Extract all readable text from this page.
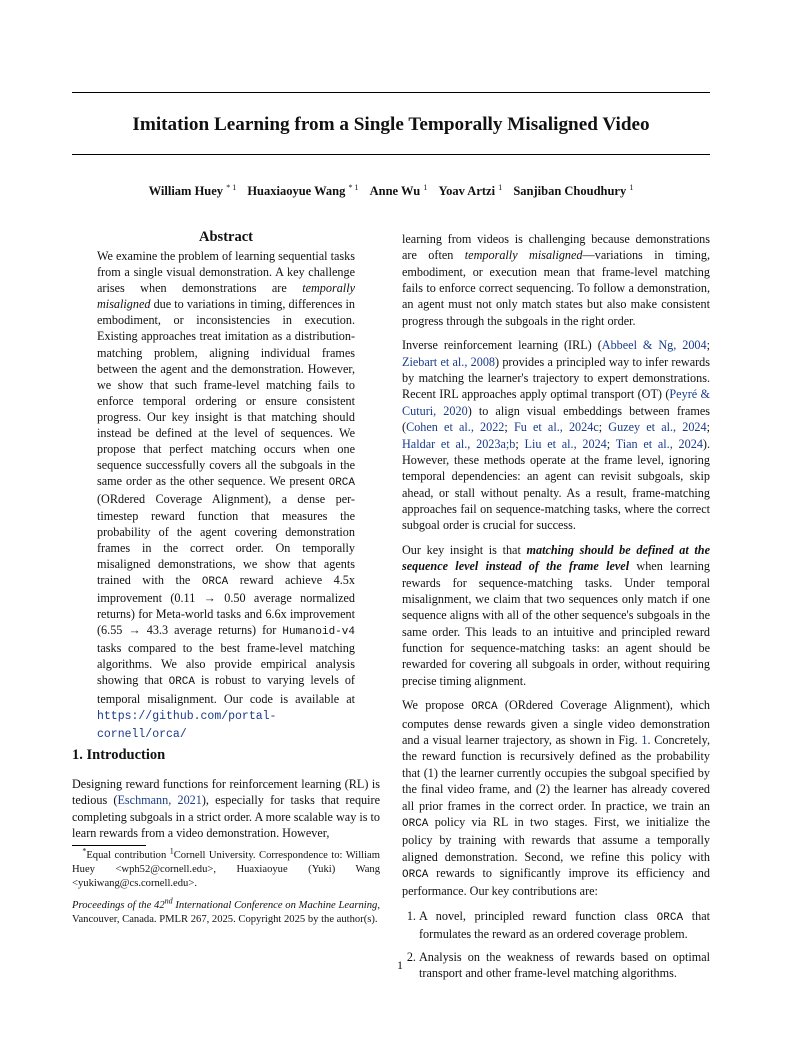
Imitation Learning from a Single Temporally Misaligned Video
William Huey $^{* 1}$ Huaxiaoyue Wang $^{* 1}$ Anne Wu $^1$ Yoav Artzi $^1$ Sanjiban Choudhury $^1$
Abstract
We examine the problem of learning sequential tasks from a single visual demonstration. A key challenge arises when demonstrations are temporally misaligned due to variations in timing, differences in embodiment, or inconsistencies in execution. Existing approaches treat imitation as a distribution-matching problem, aligning individual frames between the agent and the demonstration. However, we show that such frame-level matching fails to enforce temporal ordering or ensure consistent progress. Our key insight is that matching should instead be defined at the level of sequences. We propose that perfect matching occurs when one sequence successfully covers all the subgoals in the same order as the other sequence. We present ORCA (ORdered Coverage Alignment), a dense per-timestep reward function that measures the probability of the agent covering demonstration frames in the correct order. On temporally misaligned demonstrations, we show that agents trained with the ORCA reward achieve 4.5x improvement (0.11 → 0.50 average normalized returns) for Meta-world tasks and 6.6x improvement (6.55 → 43.3 average returns) for Humanoid-v4 tasks compared to the best frame-level matching algorithms. We also provide empirical analysis showing that ORCA is robust to varying levels of temporal misalignment. Our code is available at https://github.com/portal-cornell/orca/
1. Introduction
Designing reward functions for reinforcement learning (RL) is tedious (Eschmann, 2021), especially for tasks that require completing subgoals in a strict order. A more scalable way is to learn rewards from a video demonstration. However,
*Equal contribution $^1$Cornell University. Correspondence to: William Huey <wph52@cornell.edu>, Huaxiaoyue (Yuki) Wang <yukiwang@cs.cornell.edu>.
Proceedings of the 42nd International Conference on Machine Learning, Vancouver, Canada. PMLR 267, 2025. Copyright 2025 by the author(s).

learning from videos is challenging because demonstrations are often temporally misaligned—variations in timing, embodiment, or execution mean that frame-level matching fails to enforce correct sequencing. To follow a demonstration, an agent must not only match states but also make consistent progress through the subgoals in the right order.

Inverse reinforcement learning (IRL) (Abbeel & Ng, 2004; Ziebart et al., 2008) provides a principled way to infer rewards by matching the learner's trajectory to expert demonstrations. Recent IRL approaches apply optimal transport (OT) (Peyré & Cuturi, 2020) to align visual embeddings between frames (Cohen et al., 2022; Fu et al., 2024c; Guzey et al., 2024; Haldar et al., 2023a;b; Liu et al., 2024; Tian et al., 2024). However, these methods operate at the frame level, ignoring temporal dependencies: an agent can revisit subgoals, skip ahead, or stall without penalty. As a result, frame-matching approaches fail on sequence-matching tasks, where the correct subgoal order is crucial for success.

Our key insight is that matching should be defined at the sequence level instead of the frame level when learning rewards for sequence-matching tasks. Under temporal misalignment, we claim that two sequences only match if one sequence aligns with all of the other sequence's subgoals in the same order. This leads to an intuitive and principled reward function for sequence-matching tasks: an agent should be rewarded for covering all subgoals in order, without requiring precise timing alignment.

We propose ORCA (ORdered Coverage Alignment), which computes dense rewards given a single video demonstration and a visual learner trajectory, as shown in Fig. 1. Concretely, the reward function is recursively defined as the probability that (1) the learner currently occupies the subgoal specified by the final video frame, and (2) the learner has already covered all prior frames in the correct order. In practice, we train an ORCA policy via RL in two stages. First, we initialize the policy by training with rewards that assume a temporally aligned demonstration. Second, we refine this policy with ORCA rewards to significantly improve its efficiency and performance. Our key contributions are:

1. A novel, principled reward function class ORCA that formulates the reward as an ordered coverage problem.
2. Analysis on the weakness of rewards based on optimal transport and other frame-level matching algorithms.
1
